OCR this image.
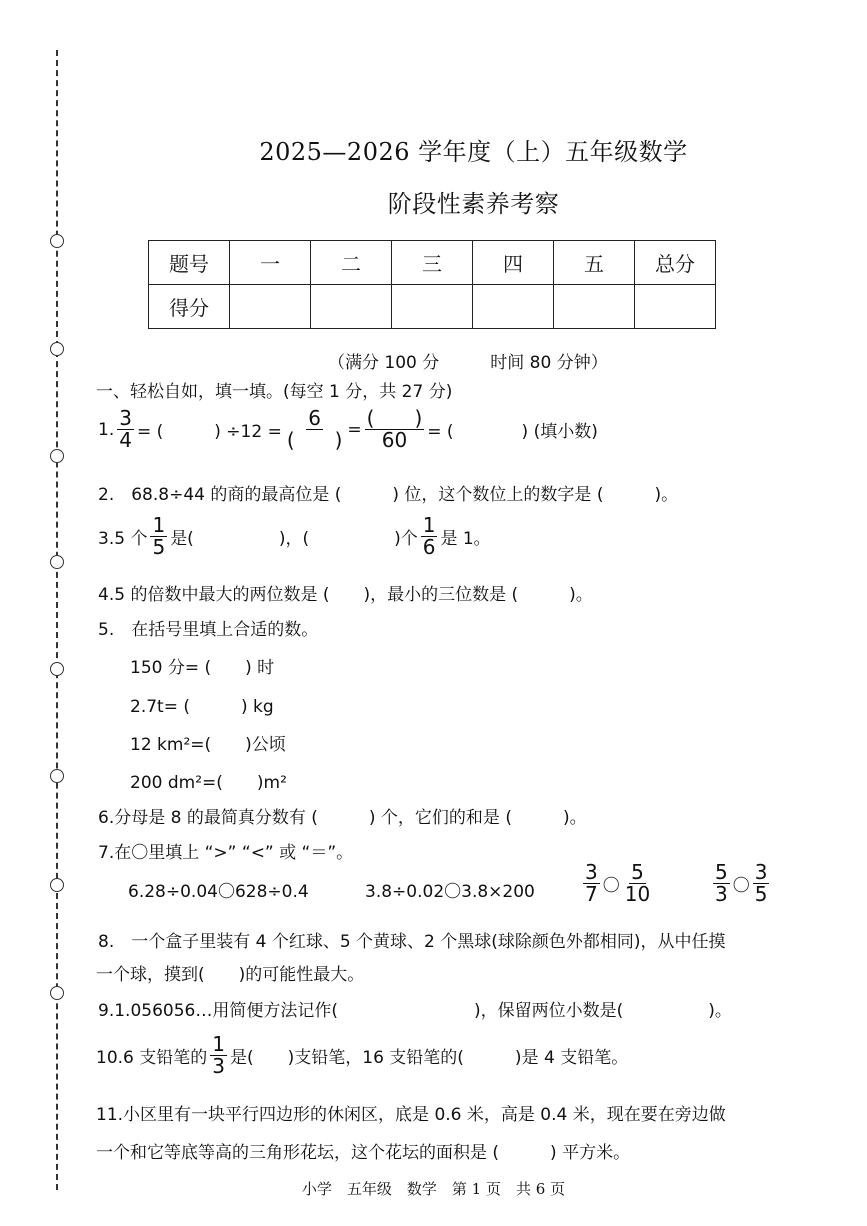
2025—2026 学年度（上）五年级数学
阶段性素养考察
题号	一	二	三	四	五	总分
得分						
（满分 100 分　　　时间 80 分钟）
一、轻松自如，填一填。(每空 1 分，共 27 分)
1. $\frac{3}{4}$ = (　　　) $\div 12 = \frac{6}{( )} = \frac{( )}{60}$ = (　　　　) (填小数)
2.　68.8÷44 的商的最高位是 (　　　) 位，这个数位上的数字是 (　　　)。
3.5 个 $\frac{1}{5}$ 是(　　　　　)，(　　　　　)个 $\frac{1}{6}$ 是 1。
4.5 的倍数中最大的两位数是 (　　)，最小的三位数是 (　　　)。
5.　在括号里填上合适的数。
150 分= (　　) 时
2.7t= (　　　) kg
12 km²=(　　)公顷
200 dm²=(　　)m²
6.分母是 8 的最简真分数有 (　　　) 个，它们的和是 (　　　)。
7.在〇里填上 “>” “<” 或 “＝”。
6.28÷0.04〇628÷0.4	3.8÷0.02〇$3.8\times 200 \frac{3}{7}$ 〇 $\frac{5}{10}$	$\frac{5}{3}$ 〇 $\frac{3}{5}$
8.　一个盒子里装有 4 个红球、5 个黄球、2 个黑球(球除颜色外都相同)，从中任摸
一个球，摸到(　　)的可能性最大。
9.1.056056…用简便方法记作(　　　　　　　　)，保留两位小数是(　　　　　)。
10.6 支铅笔的 $\frac{1}{3}$ 是(　　)支铅笔，16 支铅笔的(　　　)是 4 支铅笔。
11.小区里有一块平行四边形的休闲区，底是 0.6 米，高是 0.4 米，现在要在旁边做
一个和它等底等高的三角形花坛，这个花坛的面积是 (　　　) 平方米。
小学　五年级　数学　第 1 页　共 6 页
